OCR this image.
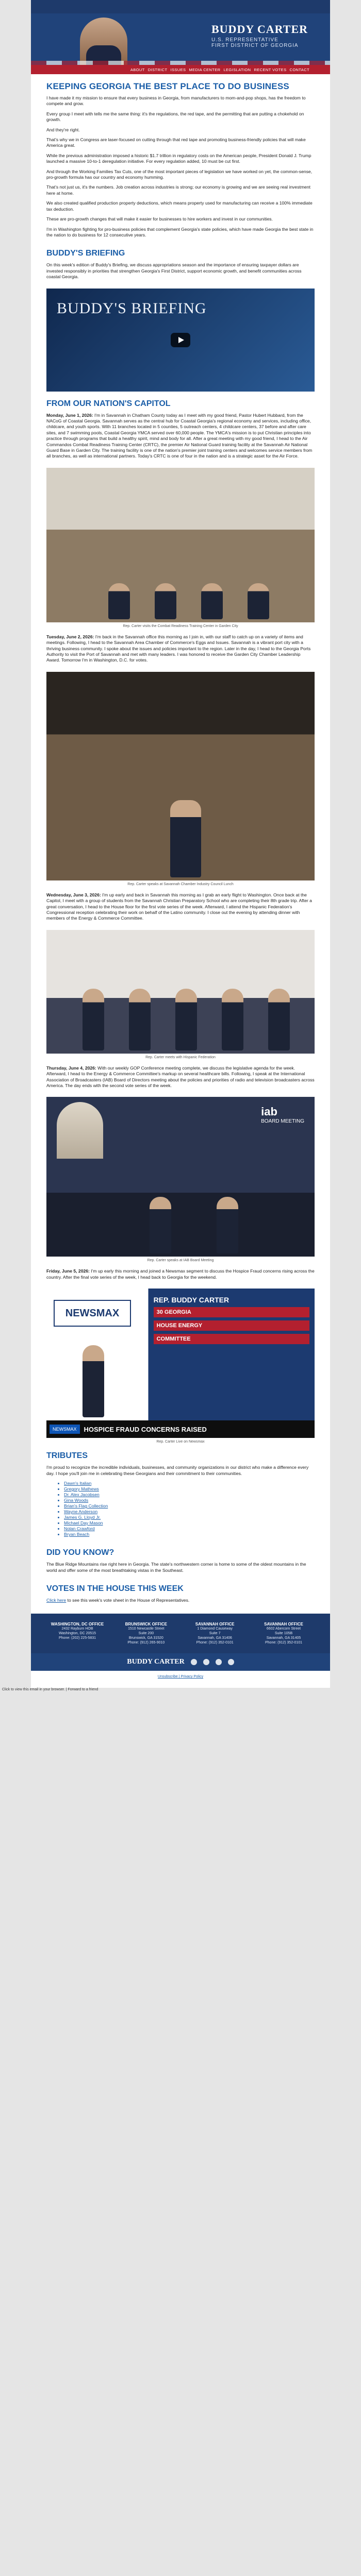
BUDDY CARTER
U.S. REPRESENTATIVE
FIRST DISTRICT OF GEORGIA
ABOUT DISTRICT ISSUES MEDIA CENTER LEGISLATION RECENT VOTES CONTACT
KEEPING GEORGIA THE BEST PLACE TO DO BUSINESS

I have made it my mission to ensure that every business in Georgia, from manufacturers to mom-and-pop shops, has the freedom to compete and grow.

Every group I meet with tells me the same thing: it's the regulations, the red tape, and the permitting that are putting a chokehold on growth.

And they're right.

That's why we in Congress are laser-focused on cutting through that red tape and promoting business-friendly policies that will make America great.

While the previous administration imposed a historic $1.7 trillion in regulatory costs on the American people, President Donald J. Trump launched a massive 10-to-1 deregulation initiative. For every regulation added, 10 must be cut first.

And through the Working Families Tax Cuts, one of the most important pieces of legislation we have worked on yet, the common-sense, pro-growth formula has our country and economy humming.

That's not just us, it's the numbers. Job creation across industries is strong; our economy is growing and we are seeing real investment here at home.

We also created qualified production property deductions, which means property used for manufacturing can receive a 100% immediate tax deduction.

These are pro-growth changes that will make it easier for businesses to hire workers and invest in our communities.

I'm in Washington fighting for pro-business policies that complement Georgia's state policies, which have made Georgia the best state in the nation to do business for 12 consecutive years.

BUDDY'S BRIEFING

On this week's edition of Buddy's Briefing, we discuss appropriations season and the importance of ensuring taxpayer dollars are invested responsibly in priorities that strengthen Georgia's First District, support economic growth, and benefit communities across coastal Georgia.

BUDDY'S BRIEFING
FROM OUR NATION'S CAPITOL

Monday, June 1, 2026: I'm in Savannah in Chatham County today as I meet with my good friend, Pastor Hubert Hubbard, from the NACoG of Coastal Georgia. Savannah serves as the central hub for Coastal Georgia's regional economy and services, including office, childcare, and youth sports. With 11 branches located in 5 counties, 5 outreach centers, 4 childcare centers, 37 before and after care sites, and 7 swimming pools, Coastal Georgia YMCA served over 60,000 people. The YMCA's mission is to put Christian principles into practice through programs that build a healthy spirit, mind and body for all. After a great meeting with my good friend, I head to the Air Commandos Combat Readiness Training Center (CRTC), the premier Air National Guard training facility at the Savannah Air National Guard Base in Garden City. The training facility is one of the nation's premier joint training centers and welcomes service members from all branches, as well as international partners. Today's CRTC is one of four in the nation and is a strategic asset for the Air Force.

Rep. Carter visits the Combat Readiness Training Center in Garden City

Tuesday, June 2, 2026: I'm back in the Savannah office this morning as I join in, with our staff to catch up on a variety of items and meetings. Following, I head to the Savannah Area Chamber of Commerce's Eggs and Issues. Savannah is a vibrant port city with a thriving business community. I spoke about the issues and policies important to the region. Later in the day, I head to the Georgia Ports Authority to visit the Port of Savannah and met with many leaders. I was honored to receive the Garden City Chamber Leadership Award. Tomorrow I'm in Washington, D.C. for votes.

Rep. Carter speaks at Savannah Chamber Industry Council Lunch

Wednesday, June 3, 2026: I'm up early and back in Savannah this morning as I grab an early flight to Washington. Once back at the Capitol, I meet with a group of students from the Savannah Christian Preparatory School who are completing their 8th grade trip. After a great conversation, I head to the House floor for the first vote series of the week. Afterward, I attend the Hispanic Federation's Congressional reception celebrating their work on behalf of the Latino community. I close out the evening by attending dinner with members of the Energy & Commerce Committee.

Rep. Carter meets with Hispanic Federation

Thursday, June 4, 2026: With our weekly GOP Conference meeting complete, we discuss the legislative agenda for the week. Afterward, I head to the Energy & Commerce Committee's markup on several healthcare bills. Following, I speak at the International Association of Broadcasters (IAB) Board of Directors meeting about the policies and priorities of radio and television broadcasters across America. The day ends with the second vote series of the week.

iab
BOARD MEETING
Rep. Carter speaks at IAB Board Meeting

Friday, June 5, 2026: I'm up early this morning and joined a Newsmax segment to discuss the Hospice Fraud concerns rising across the country. After the final vote series of the week, I head back to Georgia for the weekend.

NEWSMAX
REP. BUDDY CARTER
30 GEORGIA
HOUSE ENERGY
COMMITTEE
NEWSMAX	HOSPICE FRAUD CONCERNS RAISED
Rep. Carter Live on Newsmax
TRIBUTES

I'm proud to recognize the incredible individuals, businesses, and community organizations in our district who make a difference every day. I hope you'll join me in celebrating these Georgians and their commitment to their communities.

• Dawn's Italian
• Gregory Mathews
• Dr. Alex Jacobsen
• Gina Woods
• Brian's Flag Collection
• Wayne Anderson
• James G. Lloyd Jr.
• Michael Day Mason
• Nolan Crawford
• Bryan Beach
DID YOU KNOW?

The Blue Ridge Mountains rise right here in Georgia. The state's northwestern corner is home to some of the oldest mountains in the world and offer some of the most breathtaking vistas in the Southeast.

VOTES IN THE HOUSE THIS WEEK

Click here to see this week's vote sheet in the House of Representatives.

WASHINGTON, DC OFFICE
2432 Rayburn HOB
Washington, DC 20515
Phone: (202) 225-5831
BRUNSWICK OFFICE
1510 Newcastle Street
Suite 200
Brunswick, GA 31520
Phone: (912) 265-9010
SAVANNAH OFFICE
1 Diamond Causeway
Suite 7
Savannah, GA 31406
Phone: (912) 352-0101
SAVANNAH OFFICE
6602 Abercorn Street
Suite 105B
Savannah, GA 31405
Phone: (912) 352-0101
BUDDY CARTER
Unsubscribe | Privacy Policy
Click to view this email in your browser. | Forward to a friend
